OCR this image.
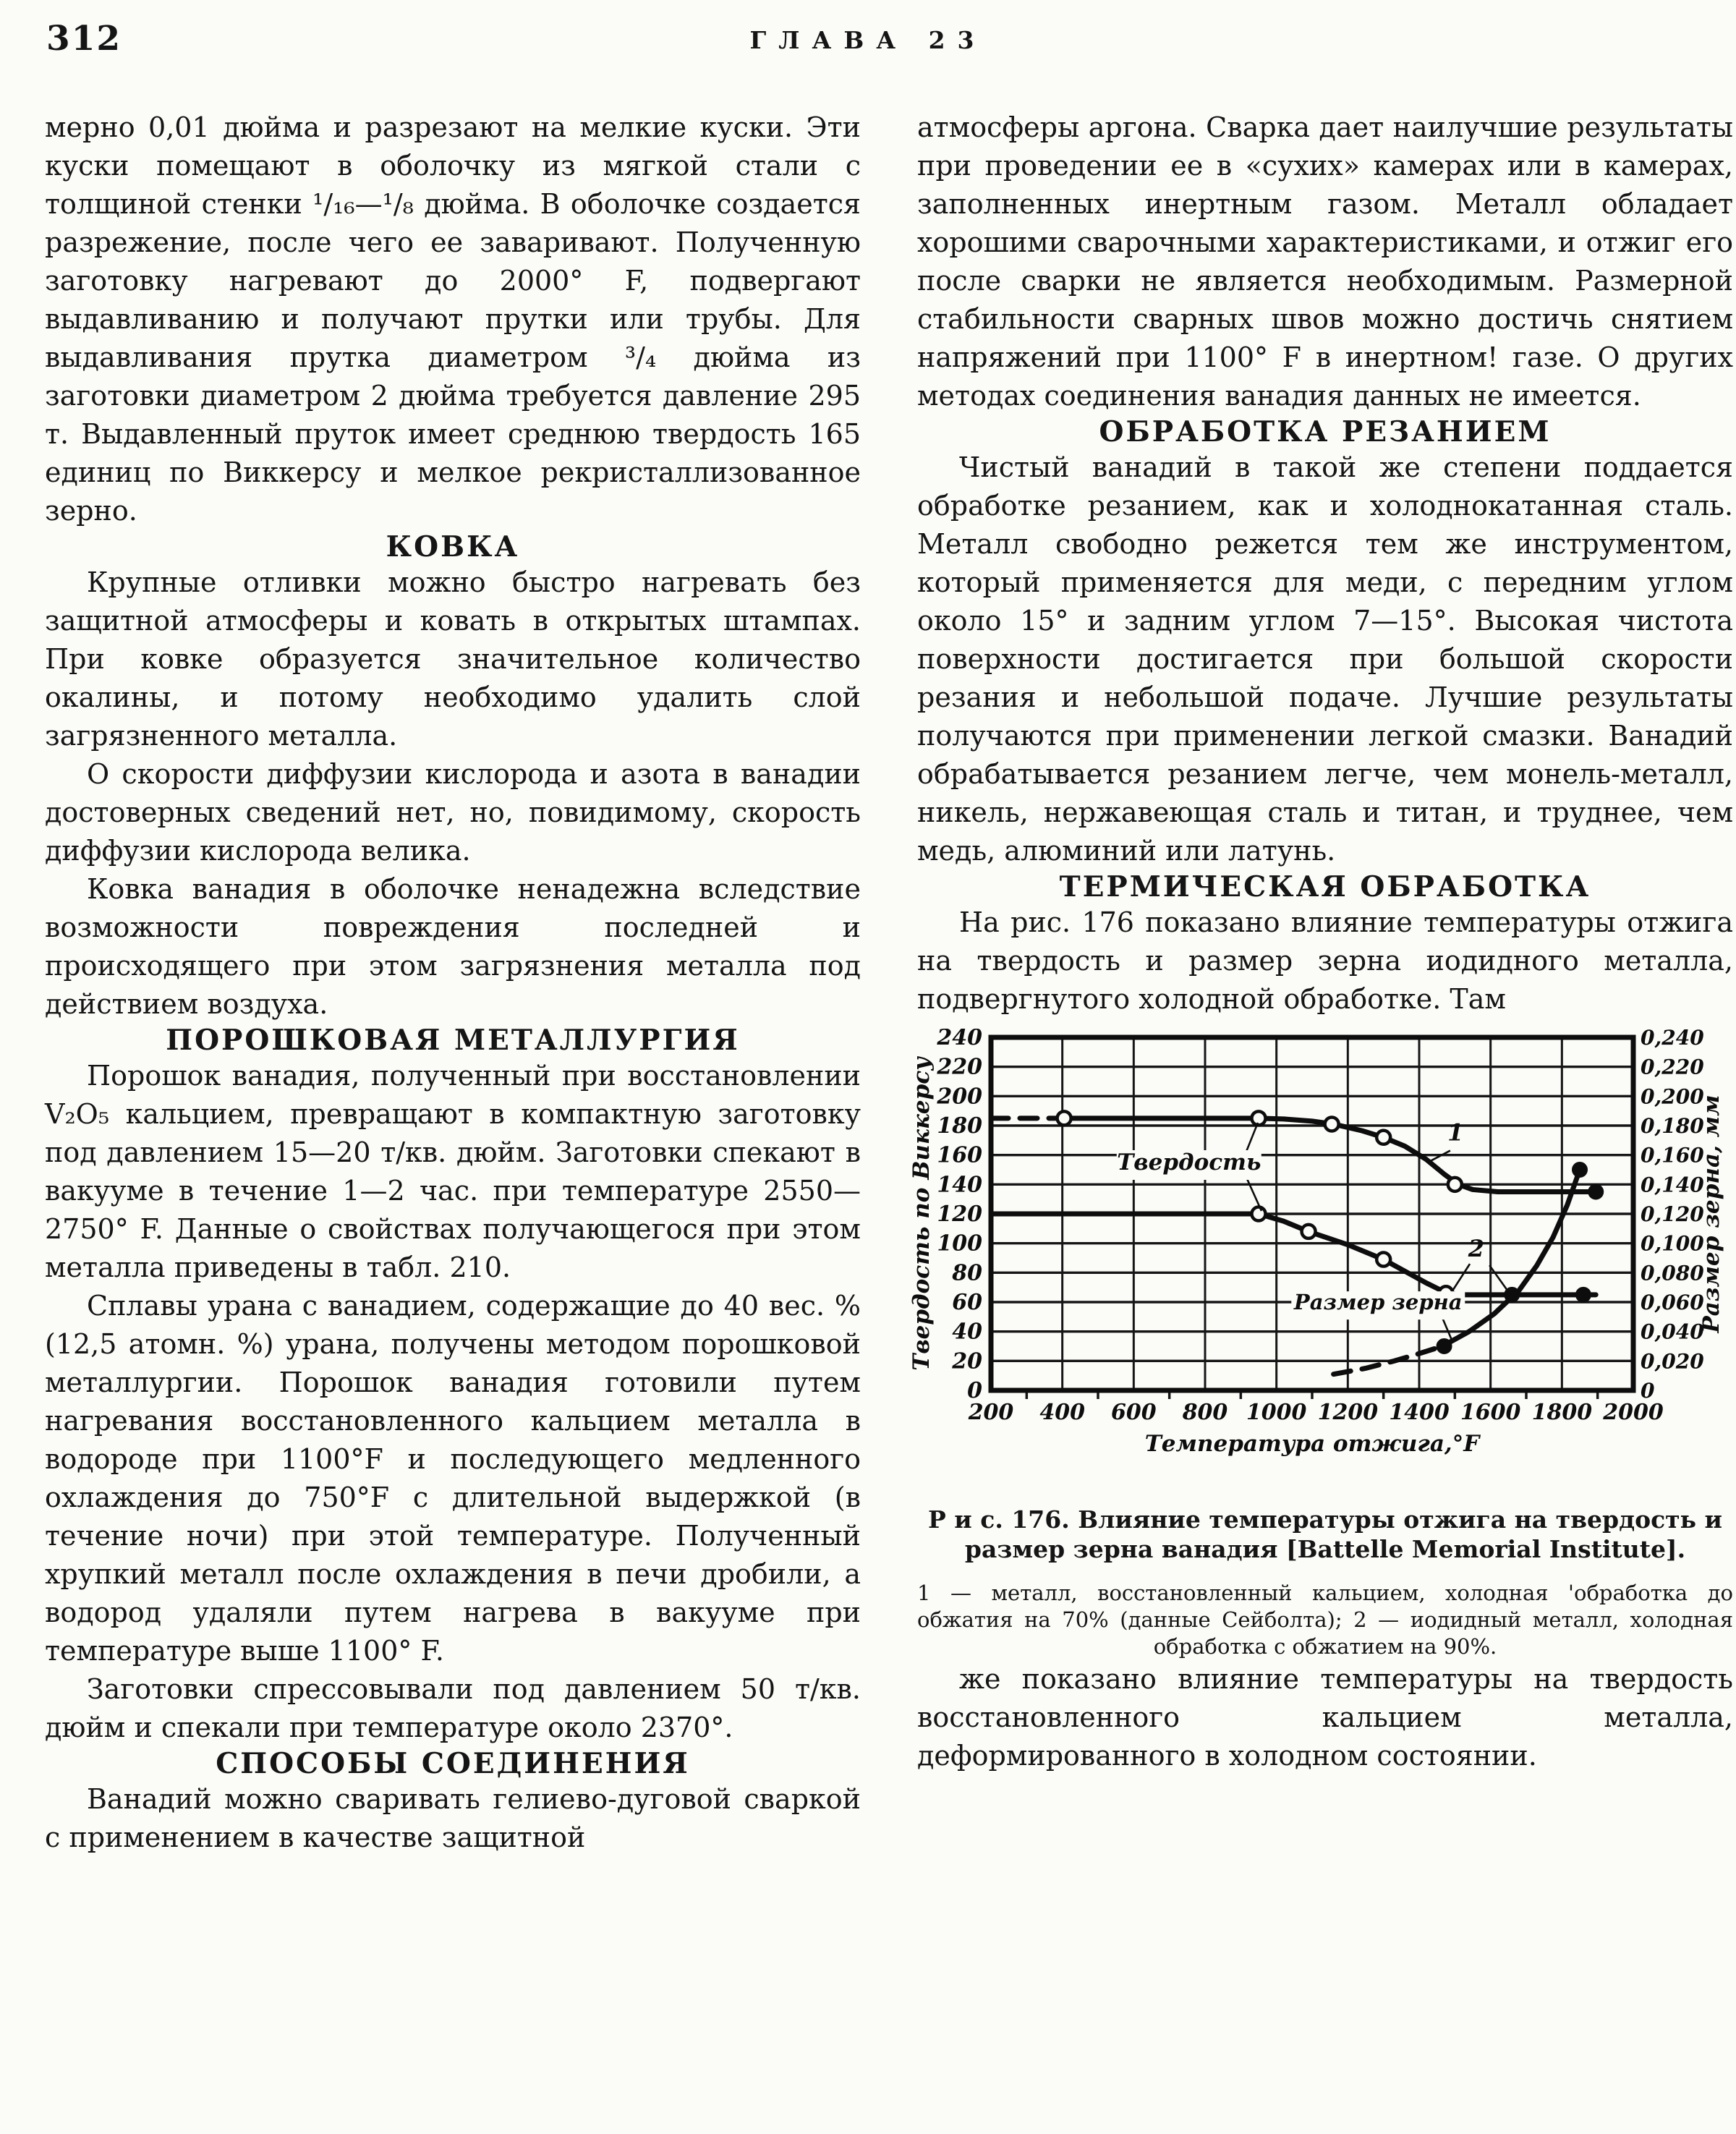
312	ГЛАВА 23

мерно 0,01 дюйма и разрезают на мелкие куски. Эти куски помещают в оболочку из мягкой стали с толщиной стенки ¹/₁₆—¹/₈ дюйма. В оболочке создается разрежение, после чего ее заваривают. Полученную заготовку нагревают до 2000° F, подвергают выдавливанию и получают прутки или трубы. Для выдавливания прутка диаметром ³/₄ дюйма из заготовки диаметром 2 дюйма требуется давление 295 т. Выдавленный пруток имеет среднюю твердость 165 единиц по Виккерсу и мелкое рекристаллизованное зерно.

КОВКА

Крупные отливки можно быстро нагревать без защитной атмосферы и ковать в открытых штампах. При ковке образуется значительное количество окалины, и потому необходимо удалить слой загрязненного металла.

О скорости диффузии кислорода и азота в ванадии достоверных сведений нет, но, повидимому, скорость диффузии кислорода велика.

Ковка ванадия в оболочке ненадежна вследствие возможности повреждения последней и происходящего при этом загрязнения металла под действием воздуха.

ПОРОШКОВАЯ МЕТАЛЛУРГИЯ

Порошок ванадия, полученный при восстановлении V₂O₅ кальцием, превращают в компактную заготовку под давлением 15—20 т/кв. дюйм. Заготовки спекают в вакууме в течение 1—2 час. при температуре 2550—2750° F. Данные о свойствах получающегося при этом металла приведены в табл. 210.

Сплавы урана с ванадием, содержащие до 40 вес. % (12,5 атомн. %) урана, получены методом порошковой металлургии. Порошок ванадия готовили путем нагревания восстановленного кальцием металла в водороде при 1100°F и последующего медленного охлаждения до 750°F с длительной выдержкой (в течение ночи) при этой температуре. Полученный хрупкий металл после охлаждения в печи дробили, а водород удаляли путем нагрева в вакууме при температуре выше 1100° F.

Заготовки спрессовывали под давлением 50 т/кв. дюйм и спекали при температуре около 2370°.

СПОСОБЫ СОЕДИНЕНИЯ

Ванадий можно сваривать гелиево-дуговой сваркой с применением в качестве защитной

атмосферы аргона. Сварка дает наилучшие результаты при проведении ее в «сухих» камерах или в камерах, заполненных инертным газом. Металл обладает хорошими сварочными характеристиками, и отжиг его после сварки не является необходимым. Размерной стабильности сварных швов можно достичь снятием напряжений при 1100° F в инертном! газе. О других методах соединения ванадия данных не имеется.

ОБРАБОТКА РЕЗАНИЕМ

Чистый ванадий в такой же степени поддается обработке резанием, как и холоднокатанная сталь. Металл свободно режется тем же инструментом, который применяется для меди, с передним углом около 15° и задним углом 7—15°. Высокая чистота поверхности достигается при большой скорости резания и небольшой подаче. Лучшие результаты получаются при применении легкой смазки. Ванадий обрабатывается резанием легче, чем монель-металл, никель, нержавеющая сталь и титан, и труднее, чем медь, алюминий или латунь.

ТЕРМИЧЕСКАЯ ОБРАБОТКА

На рис. 176 показано влияние температуры отжига на твердость и размер зерна иодидного металла, подвергнутого холодной обработке. Там

Твердость
1
2
Размер зерна
200 400 600 800 1000 1200 1400 1600 1800 2000
0
20
40
60
80
100
120
140
160
180
200
220
240
0
0,020
0,040
0,060
0,080
0,100
0,120
0,140
0,160
0,180
0,200
0,220
0,240
Температура отжига,°F
Твердость по Виккерсу	Размер зерна, мм
Р и с. 176. Влияние температуры отжига на твердость и
размер зерна ванадия [Battelle Memorial Institute].
1 — металл, восстановленный кальцием, холодная 'обработка до обжатия на 70% (данные Сейболта); 2 — иодидный металл, холодная обработка с обжатием на 90%.

же показано влияние температуры на твердость восстановленного кальцием металла, деформированного в холодном состоянии.
